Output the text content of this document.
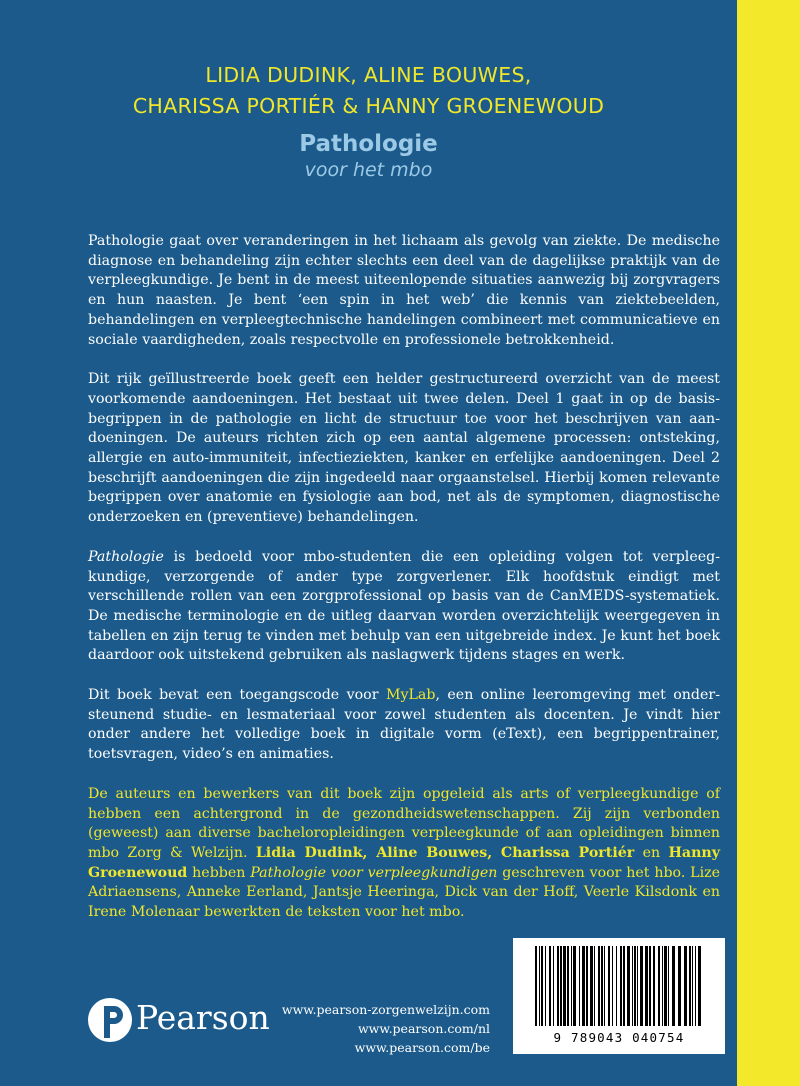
LIDIA DUDINK, ALINE BOUWES,
CHARISSA PORTIÉR & HANNY GROENEWOUD
Pathologie
voor het mbo

Pathologie gaat over veranderingen in het lichaam als gevolg van ziekte. De medische diagnose en behandeling zijn echter slechts een deel van de dagelijkse praktijk van de verpleegkundige. Je bent in de meest uiteenlopende situaties aanwezig bij zorgvragers en hun naasten. Je bent ‘een spin in het web’ die kennis van ziektebeelden, behandelingen en verpleegtechnische handelingen combineert met communicatieve en sociale vaardigheden, zoals respectvolle en professionele betrokkenheid.

Dit rijk geïllustreerde boek geeft een helder gestructureerd overzicht van de meest voorkomende aandoeningen. Het bestaat uit twee delen. Deel 1 gaat in op de basisbegrippen in de pathologie en licht de structuur toe voor het beschrijven van aandoeningen. De auteurs richten zich op een aantal algemene processen: ontsteking, allergie en auto-immuniteit, infectieziekten, kanker en erfelijke aandoeningen. Deel 2 beschrijft aandoeningen die zijn ingedeeld naar orgaanstelsel. Hierbij komen relevante begrippen over anatomie en fysiologie aan bod, net als de symptomen, diagnostische onderzoeken en (preventieve) behandelingen.

Pathologie is bedoeld voor mbo-studenten die een opleiding volgen tot verpleegkundige, verzorgende of ander type zorgverlener. Elk hoofdstuk eindigt met verschillende rollen van een zorgprofessional op basis van de CanMEDS-systematiek. De medische terminologie en de uitleg daarvan worden overzichtelijk weergegeven in tabellen en zijn terug te vinden met behulp van een uitgebreide index. Je kunt het boek daardoor ook uitstekend gebruiken als naslagwerk tijdens stages en werk.

Dit boek bevat een toegangscode voor MyLab, een online leeromgeving met ondersteunend studie- en lesmateriaal voor zowel studenten als docenten. Je vindt hier onder andere het volledige boek in digitale vorm (eText), een begrippentrainer, toetsvragen, video’s en animaties.

De auteurs en bewerkers van dit boek zijn opgeleid als arts of verpleegkundige of hebben een achtergrond in de gezondheidswetenschappen. Zij zijn verbonden (geweest) aan diverse bacheloropleidingen verpleegkunde of aan opleidingen binnen mbo Zorg & Welzijn. Lidia Dudink, Aline Bouwes, Charissa Portiér en Hanny Groenewoud hebben Pathologie voor verpleegkundigen geschreven voor het hbo. Lize Adriaensens, Anneke Eerland, Jantsje Heeringa, Dick van der Hoff, Veerle Kilsdonk en Irene Molenaar bewerkten de teksten voor het mbo.

9 789043 040754
Pearson www.pearson-zorgenwelzijn.com
www.pearson.com/nl
www.pearson.com/be
